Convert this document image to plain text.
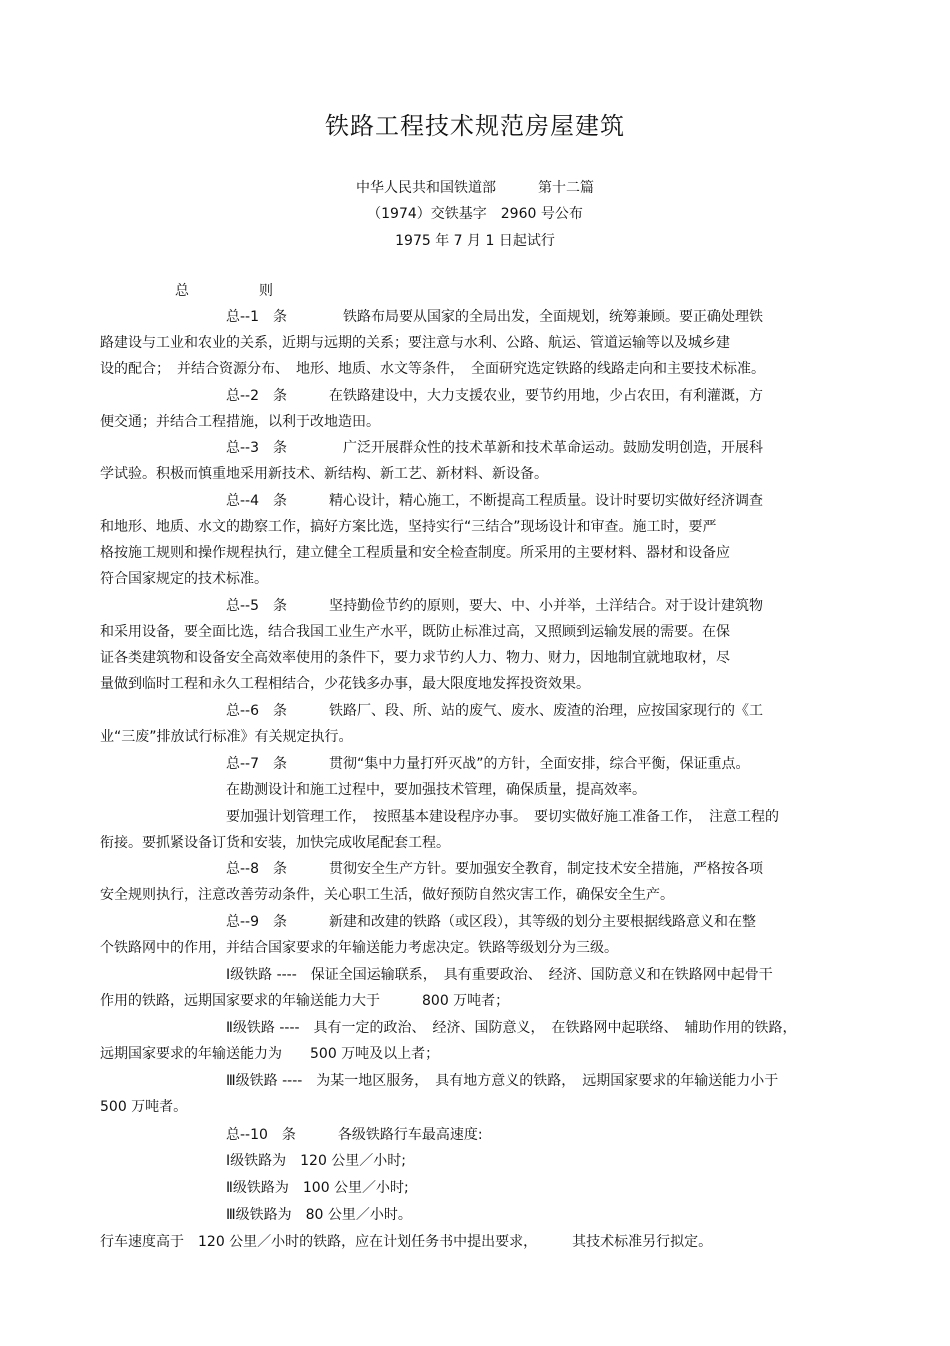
铁路工程技术规范房屋建筑
中华人民共和国铁道部　　　第十二篇
（1974）交铁基字　2960 号公布
1975 年 7 月 1 日起试行
总　　　　　则
总--1　条　　　　铁路布局要从国家的全局出发，全面规划，统筹兼顾。要正确处理铁
路建设与工业和农业的关系，近期与远期的关系；要注意与水利、公路、航运、管道运输等以及城乡建
设的配合；　并结合资源分布、　地形、地质、水文等条件，　全面研究选定铁路的线路走向和主要技术标准。
总--2　条　　　在铁路建设中，大力支援农业，要节约用地，少占农田，有利灌溉，方
便交通；并结合工程措施，以利于改地造田。
总--3　条　　　　广泛开展群众性的技术革新和技术革命运动。鼓励发明创造，开展科
学试验。积极而慎重地采用新技术、新结构、新工艺、新材料、新设备。
总--4　条　　　精心设计，精心施工，不断提高工程质量。设计时要切实做好经济调查
和地形、地质、水文的勘察工作，搞好方案比选，坚持实行“三结合”现场设计和审查。施工时，要严
格按施工规则和操作规程执行，建立健全工程质量和安全检查制度。所采用的主要材料、器材和设备应
符合国家规定的技术标准。
总--5　条　　　坚持勤俭节约的原则，要大、中、小并举，土洋结合。对于设计建筑物
和采用设备，要全面比选，结合我国工业生产水平，既防止标准过高，又照顾到运输发展的需要。在保
证各类建筑物和设备安全高效率使用的条件下，要力求节约人力、物力、财力，因地制宜就地取材，尽
量做到临时工程和永久工程相结合，少花钱多办事，最大限度地发挥投资效果。
总--6　条　　　铁路厂、段、所、站的废气、废水、废渣的治理，应按国家现行的《工
业“三废”排放试行标准》有关规定执行。
总--7　条　　　贯彻“集中力量打歼灭战”的方针，全面安排，综合平衡，保证重点。
在勘测设计和施工过程中，要加强技术管理，确保质量，提高效率。
要加强计划管理工作，　按照基本建设程序办事。　要切实做好施工准备工作，　注意工程的
衔接。要抓紧设备订货和安装，加快完成收尾配套工程。
总--8　条　　　贯彻安全生产方针。要加强安全教育，制定技术安全措施，严格按各项
安全规则执行，注意改善劳动条件，关心职工生活，做好预防自然灾害工作，确保安全生产。
总--9　条　　　新建和改建的铁路（或区段），其等级的划分主要根据线路意义和在整
个铁路网中的作用，并结合国家要求的年输送能力考虑决定。铁路等级划分为三级。
Ⅰ级铁路 ----　保证全国运输联系，　具有重要政治、　经济、国防意义和在铁路网中起骨干
作用的铁路，远期国家要求的年输送能力大于　　　800 万吨者；
Ⅱ级铁路 ----　具有一定的政治、　经济、国防意义，　在铁路网中起联络、　辅助作用的铁路，
远期国家要求的年输送能力为　　500 万吨及以上者；
Ⅲ级铁路 ----　为某一地区服务，　具有地方意义的铁路，　远期国家要求的年输送能力小于
500 万吨者。
总--10　条　　　各级铁路行车最高速度:
Ⅰ级铁路为　120 公里／小时;
Ⅱ级铁路为　100 公里／小时;
Ⅲ级铁路为　80 公里／小时。
行车速度高于　120 公里／小时的铁路，应在计划任务书中提出要求，　　　其技术标准另行拟定。
